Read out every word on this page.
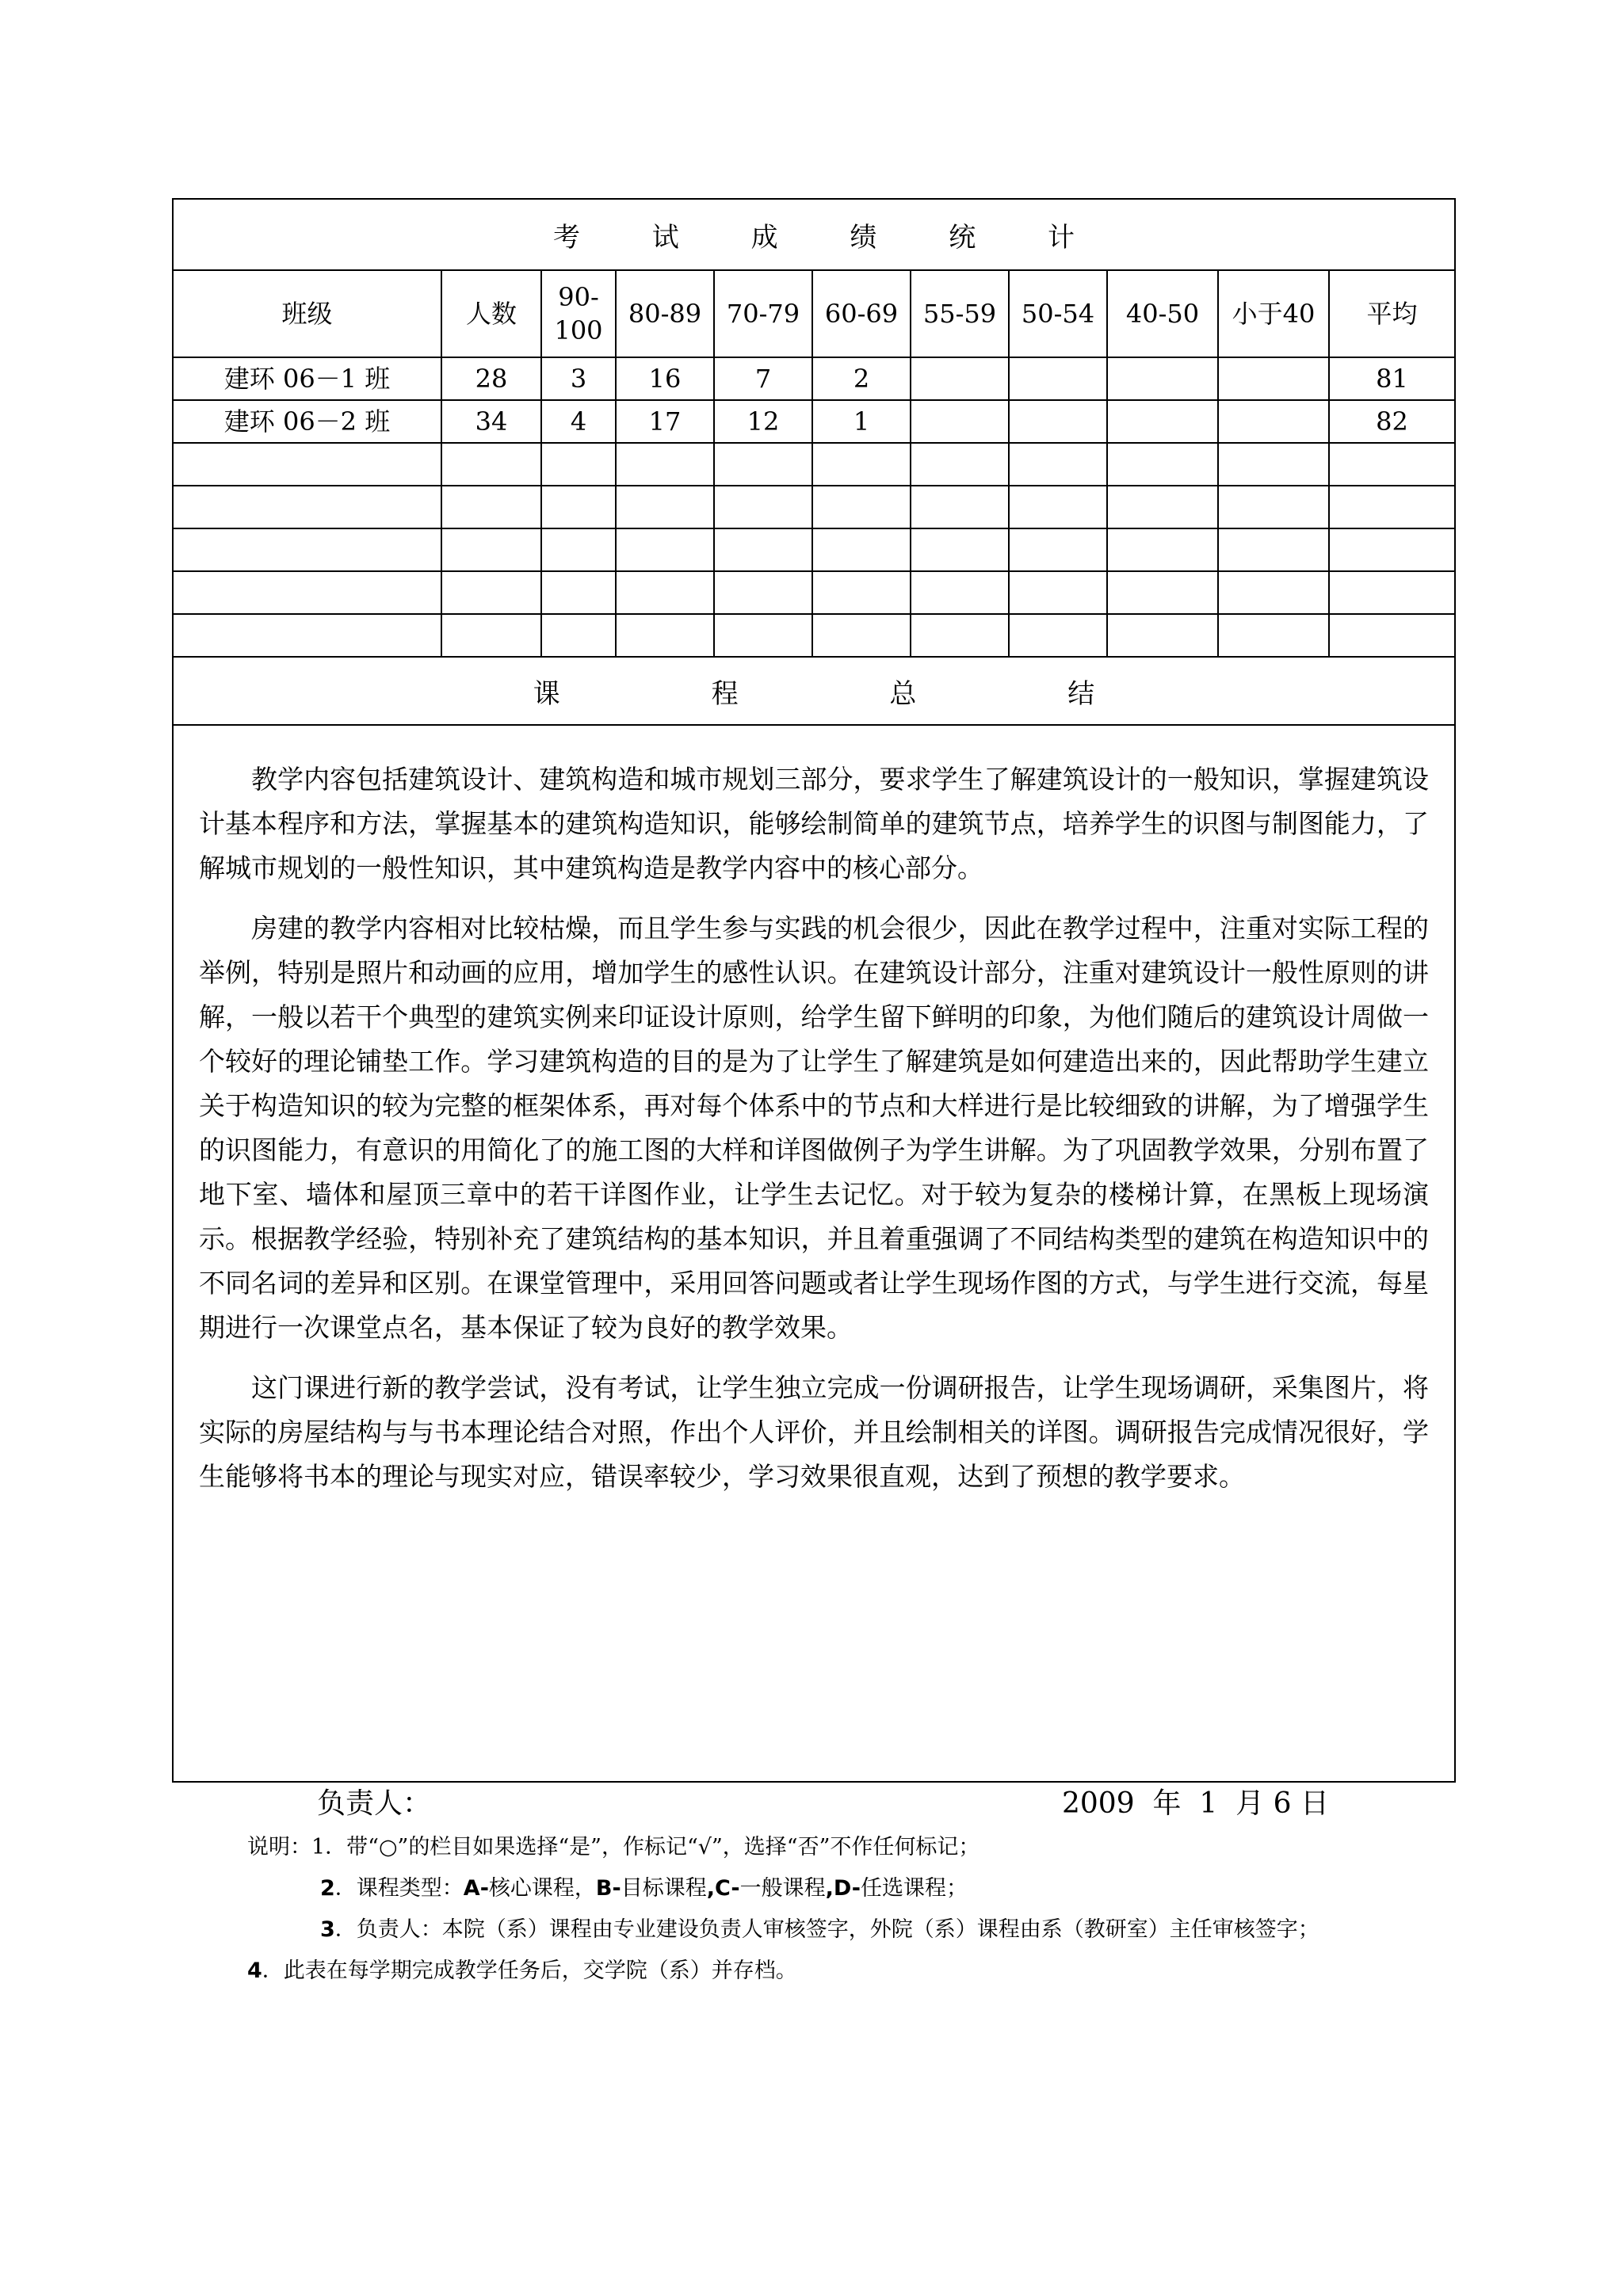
考 试 成 绩 统 计
班级	人数	90-100	80-89	70-79	60-69	55-59	50-54	40-50	小于40	平均
建环 06－1 班	28	3	16	7	2					81
建环 06－2 班	34	4	17	12	1					82

课 程 总 结

教学内容包括建筑设计、建筑构造和城市规划三部分，要求学生了解建筑设计的一般知识，掌握建筑设计基本程序和方法，掌握基本的建筑构造知识，能够绘制简单的建筑节点，培养学生的识图与制图能力，了解城市规划的一般性知识，其中建筑构造是教学内容中的核心部分。

房建的教学内容相对比较枯燥，而且学生参与实践的机会很少，因此在教学过程中，注重对实际工程的举例，特别是照片和动画的应用，增加学生的感性认识。在建筑设计部分，注重对建筑设计一般性原则的讲解，一般以若干个典型的建筑实例来印证设计原则，给学生留下鲜明的印象，为他们随后的建筑设计周做一个较好的理论铺垫工作。学习建筑构造的目的是为了让学生了解建筑是如何建造出来的，因此帮助学生建立关于构造知识的较为完整的框架体系，再对每个体系中的节点和大样进行是比较细致的讲解，为了增强学生的识图能力，有意识的用简化了的施工图的大样和详图做例子为学生讲解。为了巩固教学效果，分别布置了地下室、墙体和屋顶三章中的若干详图作业，让学生去记忆。对于较为复杂的楼梯计算，在黑板上现场演示。根据教学经验，特别补充了建筑结构的基本知识，并且着重强调了不同结构类型的建筑在构造知识中的不同名词的差异和区别。在课堂管理中，采用回答问题或者让学生现场作图的方式，与学生进行交流，每星期进行一次课堂点名，基本保证了较为良好的教学效果。

这门课进行新的教学尝试，没有考试，让学生独立完成一份调研报告，让学生现场调研，采集图片，将实际的房屋结构与与书本理论结合对照，作出个人评价，并且绘制相关的详图。调研报告完成情况很好，学生能够将书本的理论与现实对应，错误率较少，学习效果很直观，达到了预想的教学要求。

负责人：	2009  年  1  月 6 日
说明：1．带“○”的栏目如果选择“是”，作标记“√”，选择“否”不作任何标记；
2．课程类型：A-核心课程，B-目标课程,C-一般课程,D-任选课程；
3．负责人：本院（系）课程由专业建设负责人审核签字，外院（系）课程由系（教研室）主任审核签字；
4．此表在每学期完成教学任务后，交学院（系）并存档。
